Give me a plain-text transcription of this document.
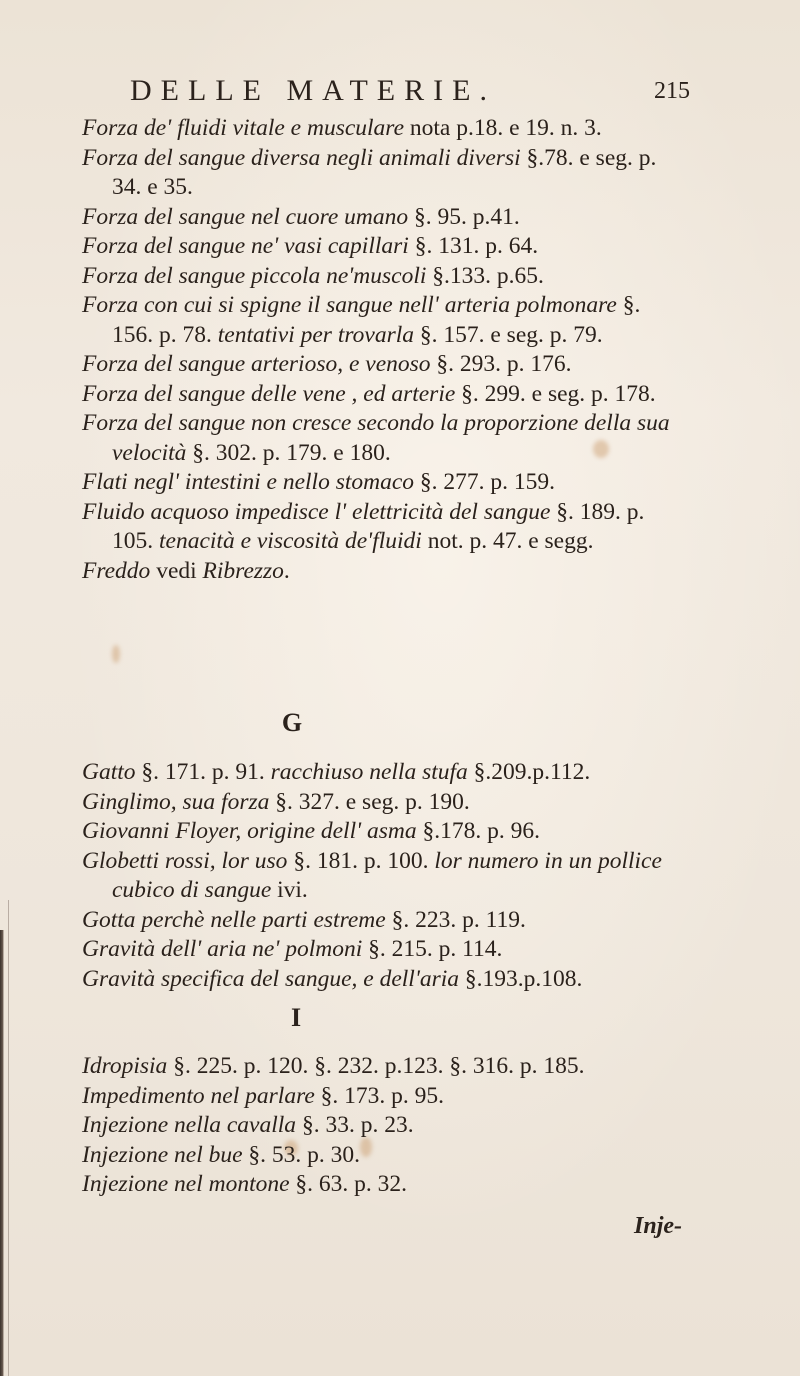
DELLE MATERIE.	215

Forza de' fluidi vitale e musculare nota p.18. e 19. n. 3.

Forza del sangue diversa negli animali diversi §.78. e seg. p. 34. e 35.

Forza del sangue nel cuore umano §. 95. p.41.

Forza del sangue ne' vasi capillari §. 131. p. 64.

Forza del sangue piccola ne'muscoli §.133. p.65.

Forza con cui si spigne il sangue nell' arteria polmonare §. 156. p. 78. tentativi per trovarla §. 157. e seg. p. 79.

Forza del sangue arterioso, e venoso §. 293. p. 176.

Forza del sangue delle vene , ed arterie §. 299. e seg. p. 178.

Forza del sangue non cresce secondo la proporzione della sua velocità §. 302. p. 179. e 180.

Flati negl' intestini e nello stomaco §. 277. p. 159.

Fluido acquoso impedisce l' elettricità del sangue §. 189. p. 105. tenacità e viscosità de'fluidi not. p. 47. e segg.

Freddo vedi Ribrezzo.

G

Gatto §. 171. p. 91. racchiuso nella stufa §.209.p.112.

Ginglimo, sua forza §. 327. e seg. p. 190.

Giovanni Floyer, origine dell' asma §.178. p. 96.

Globetti rossi, lor uso §. 181. p. 100. lor numero in un pollice cubico di sangue ivi.

Gotta perchè nelle parti estreme §. 223. p. 119.

Gravità dell' aria ne' polmoni §. 215. p. 114.

Gravità specifica del sangue, e dell'aria §.193.p.108.

I

Idropisia §. 225. p. 120. §. 232. p.123. §. 316. p. 185.

Impedimento nel parlare §. 173. p. 95.

Injezione nella cavalla §. 33. p. 23.

Injezione nel bue §. 53. p. 30.

Injezione nel montone §. 63. p. 32.

Inje-
